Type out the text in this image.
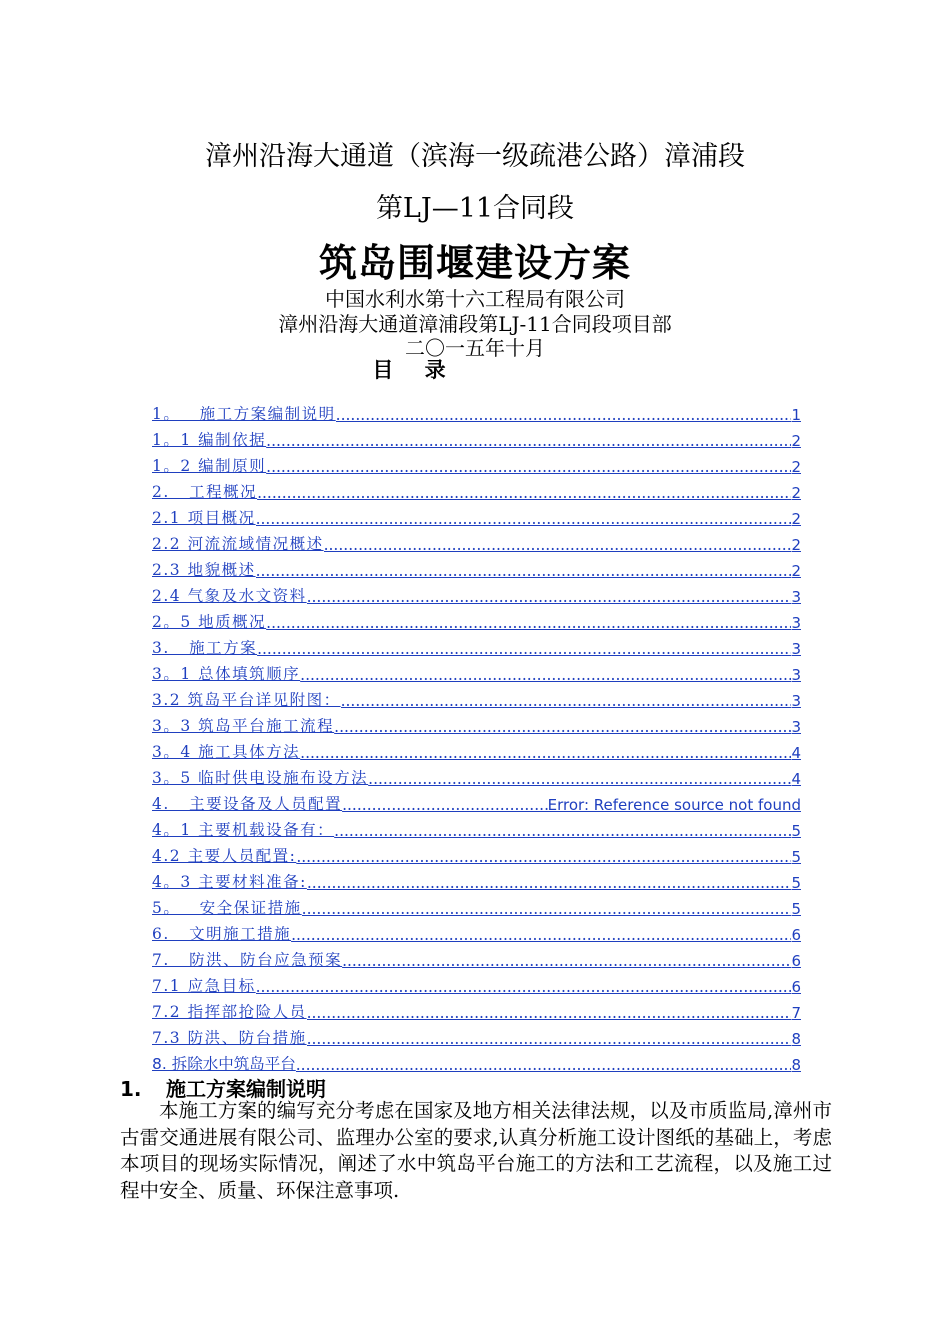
漳州沿海大通道（滨海一级疏港公路）漳浦段
第LJ—11合同段
筑岛围堰建设方案
中国水利水第十六工程局有限公司
漳州沿海大通道漳浦段第LJ-11合同段项目部
二〇一五年十月
目 录
1。   施工方案编制说明 .....	1
1。1 编制依据 .....	2
1。2 编制原则 .....	2
2.   工程概况 .....	2
2.1 项目概况 .....	2
2.2 河流流域情况概述 .....	2
2.3 地貌概述 .....	2
2.4 气象及水文资料 .....	3
2。5 地质概况 .....	3
3.   施工方案 .....	3
3。1 总体填筑顺序 .....	3
3.2 筑岛平台详见附图： .....	3
3。3 筑岛平台施工流程 .....	3
3。4 施工具体方法 .....	4
3。5 临时供电设施布设方法 .....	4
4.   主要设备及人员配置 .....	Error: Reference source not found
4。1 主要机载设备有： .....	5
4.2 主要人员配置: .....	5
4。3 主要材料准备: .....	5
5。   安全保证措施 .....	5
6.   文明施工措施 .....	6
7.   防洪、防台应急预案 .....	6
7.1 应急目标 .....	6
7.2 指挥部抢险人员 .....	7
7.3 防洪、防台措施 .....	8
8. 拆除水中筑岛平台 .....	8
1. 施工方案编制说明
本施工方案的编写充分考虑在国家及地方相关法律法规，以及市质监局,漳州市古雷交通进展有限公司、监理办公室的要求,认真分析施工设计图纸的基础上，考虑本项目的现场实际情况，阐述了水中筑岛平台施工的方法和工艺流程，以及施工过程中安全、质量、环保注意事项.
